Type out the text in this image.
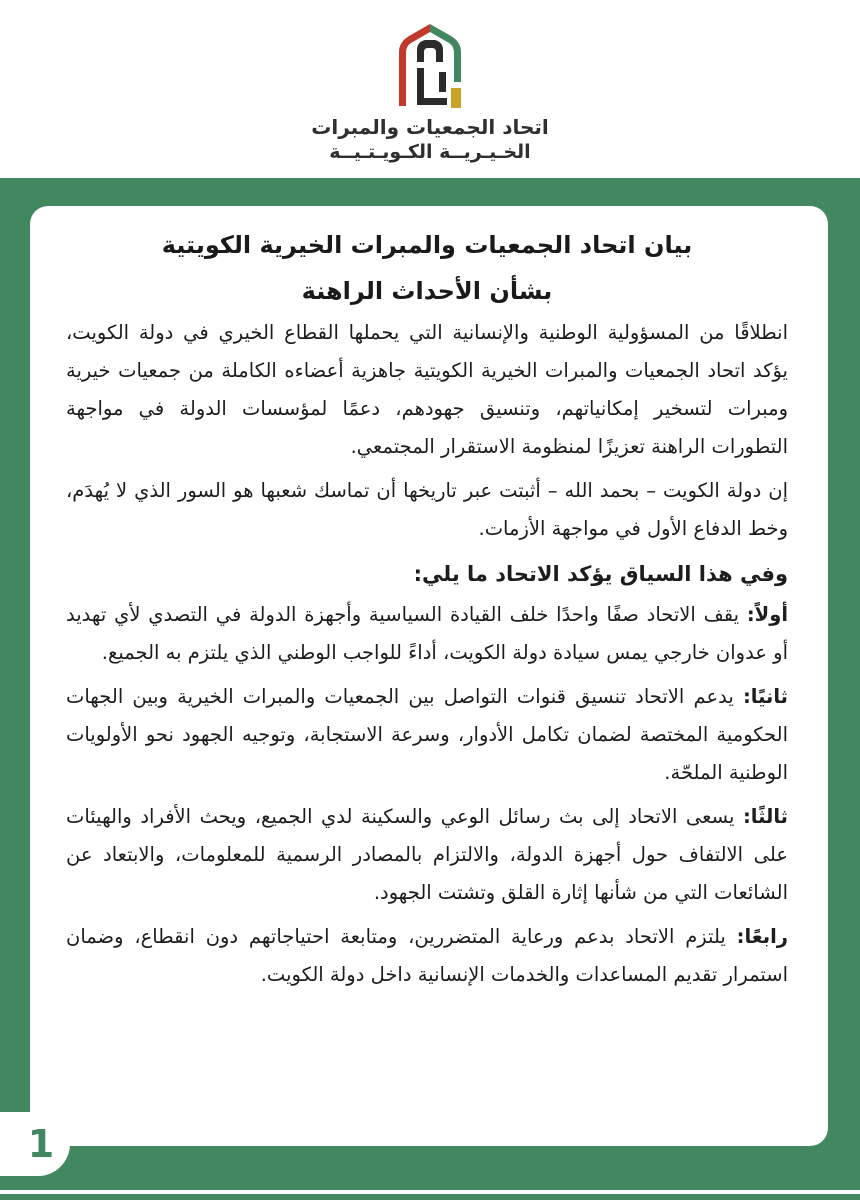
اتحاد الجمعيات والمبرات
الخـيـريــة الكـويـتـيــة
بيان اتحاد الجمعيات والمبرات الخيرية الكويتية
بشأن الأحداث الراهنة

انطلاقًا من المسؤولية الوطنية والإنسانية التي يحملها القطاع الخيري في دولة الكويت، يؤكد اتحاد الجمعيات والمبرات الخيرية الكويتية جاهزية أعضاءه الكاملة من جمعيات خيرية ومبرات لتسخير إمكانياتهم، وتنسيق جهودهم، دعمًا لمؤسسات الدولة في مواجهة التطورات الراهنة تعزيزًا لمنظومة الاستقرار المجتمعي.

إن دولة الكويت – بحمد الله – أثبتت عبر تاريخها أن تماسك شعبها هو السور الذي لا يُهدَم، وخط الدفاع الأول في مواجهة الأزمات.

وفي هذا السياق يؤكد الاتحاد ما يلي:

أولاً: يقف الاتحاد صفًا واحدًا خلف القيادة السياسية وأجهزة الدولة في التصدي لأي تهديد أو عدوان خارجي يمس سيادة دولة الكويت، أداءً للواجب الوطني الذي يلتزم به الجميع.

ثانيًا: يدعم الاتحاد تنسيق قنوات التواصل بين الجمعيات والمبرات الخيرية وبين الجهات الحكومية المختصة لضمان تكامل الأدوار، وسرعة الاستجابة، وتوجيه الجهود نحو الأولويات الوطنية الملحّة.

ثالثًا: يسعى الاتحاد إلى بث رسائل الوعي والسكينة لدي الجميع، ويحث الأفراد والهيئات على الالتفاف حول أجهزة الدولة، والالتزام بالمصادر الرسمية للمعلومات، والابتعاد عن الشائعات التي من شأنها إثارة القلق وتشتت الجهود.

رابعًا: يلتزم الاتحاد بدعم ورعاية المتضررين، ومتابعة احتياجاتهم دون انقطاع، وضمان استمرار تقديم المساعدات والخدمات الإنسانية داخل دولة الكويت.

1
